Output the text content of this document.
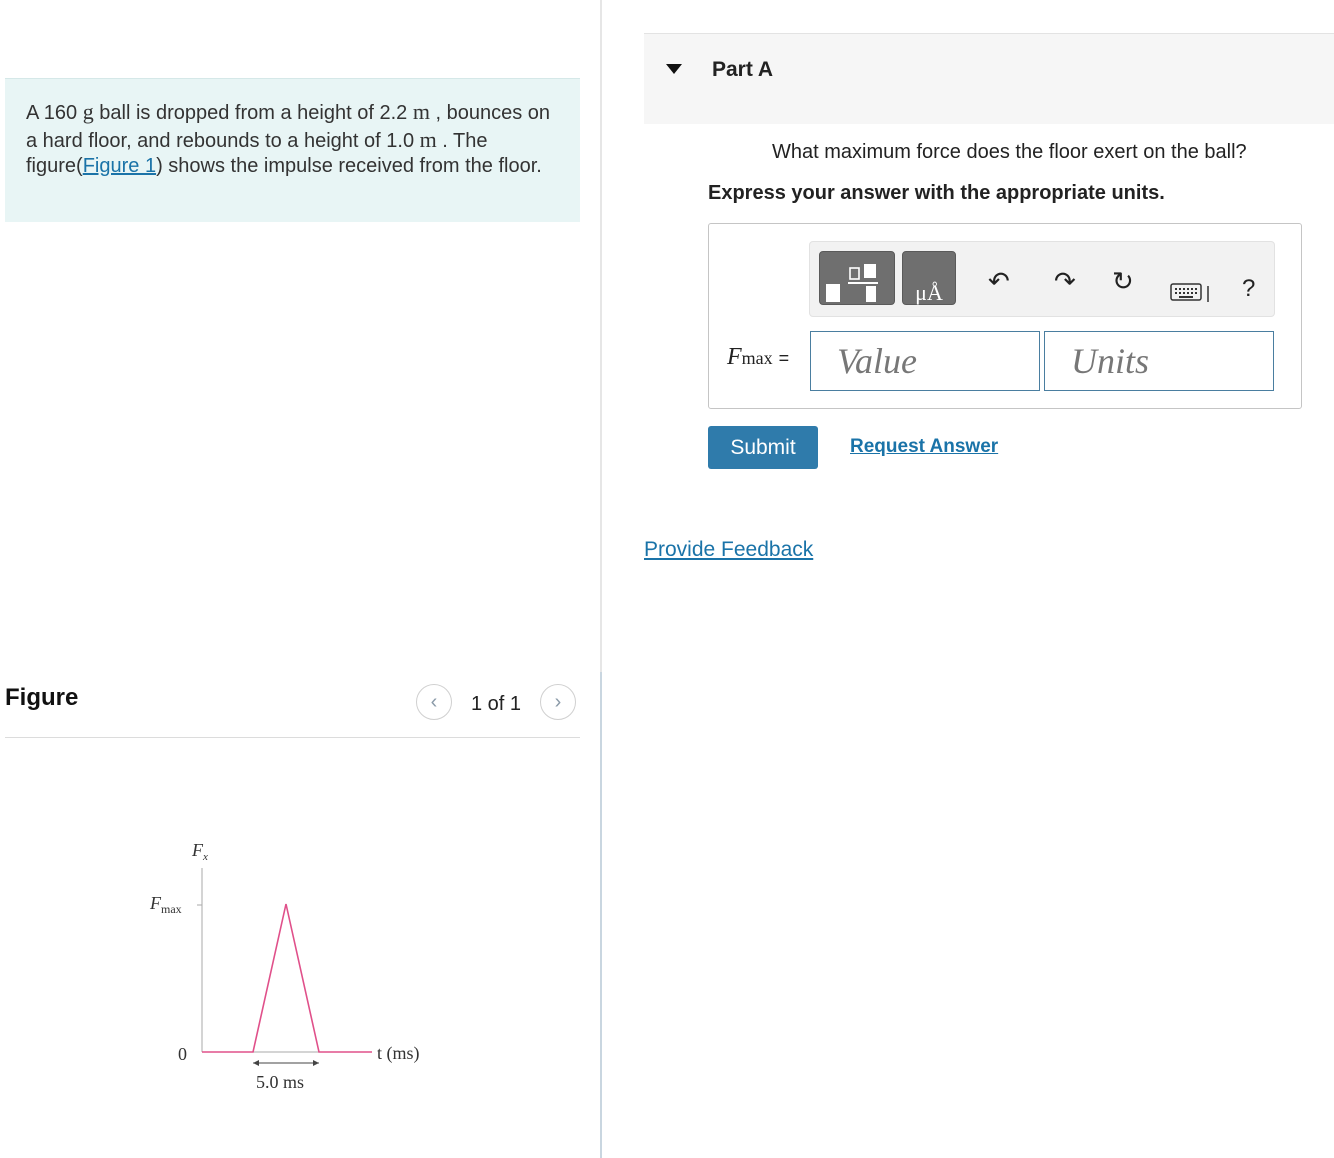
A 160 g ball is dropped from a height of 2.2 m , bounces on a hard floor, and rebounds to a height of 1.0 m . The figure(Figure 1) shows the impulse received from the floor.
Figure	‹ 1 of 1 ›
$F_x$
$F_{max}$
0	t (ms)
5.0 ms
Part A
What maximum force does the floor exert on the ball?
Express your answer with the appropriate units.
μÅ	↶ ↷ ↻	?
Fmax =	Value	Units
Submit	Request Answer
Provide Feedback
